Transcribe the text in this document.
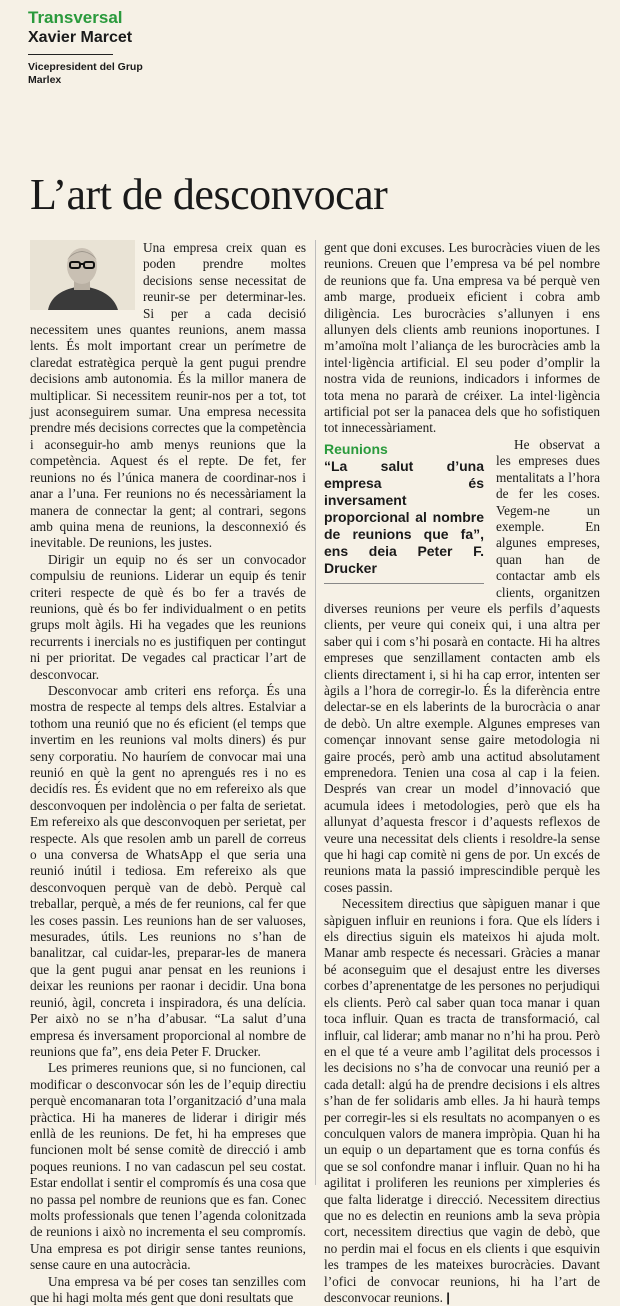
Transversal
Xavier Marcet
Vicepresident del Grup Marlex
L’art de desconvocar

Una empresa creix quan es poden prendre moltes decisions sense necessitat de reunir-se per determinar-les. Si per a cada decisió necessitem unes quantes reunions, anem massa lents. És molt important crear un perímetre de claredat estratègica perquè la gent pugui prendre decisions amb autonomia. És la millor manera de multiplicar. Si necessitem reunir-nos per a tot, tot just aconseguirem sumar. Una empresa necessita prendre més decisions correctes que la competència i aconseguir-ho amb menys reunions que la competència. Aquest és el repte. De fet, fer reunions no és l’única manera de coordinar-nos i anar a l’una. Fer reunions no és necessàriament la manera de connectar la gent; al contrari, segons amb quina mena de reunions, la desconnexió és inevitable. De reunions, les justes.

Dirigir un equip no és ser un convocador compulsiu de reunions. Liderar un equip és tenir criteri respecte de què és bo fer a través de reunions, què és bo fer individualment o en petits grups molt àgils. Hi ha vegades que les reunions recurrents i inercials no es justifiquen per contingut ni per prioritat. De vegades cal practicar l’art de desconvocar.

Desconvocar amb criteri ens reforça. És una mostra de respecte al temps dels altres. Estalviar a tothom una reunió que no és eficient (el temps que invertim en les reunions val molts diners) és pur seny corporatiu. No hauríem de convocar mai una reunió en què la gent no aprengués res i no es decidís res. És evident que no em refereixo als que desconvoquen per indolència o per falta de serietat. Em refereixo als que desconvoquen per serietat, per respecte. Als que resolen amb un parell de correus o una conversa de WhatsApp el que seria una reunió inútil i tediosa. Em refereixo als que desconvoquen perquè van de debò. Perquè cal treballar, perquè, a més de fer reunions, cal fer que les coses passin. Les reunions han de ser valuoses, mesurades, útils. Les reunions no s’han de banalitzar, cal cuidar-les, preparar-les de manera que la gent pugui anar pensat en les reunions i deixar les reunions per raonar i decidir. Una bona reunió, àgil, concreta i inspiradora, és una delícia. Per això no se n’ha d’abusar. “La salut d’una empresa és inversament proporcional al nombre de reunions que fa”, ens deia Peter F. Drucker.

Les primeres reunions que, si no funcionen, cal modificar o desconvocar són les de l’equip directiu perquè encomanaran tota l’organització d’una mala pràctica. Hi ha maneres de liderar i dirigir més enllà de les reunions. De fet, hi ha empreses que funcionen molt bé sense comitè de direcció i amb poques reunions. I no van cadascun pel seu costat. Estar endollat i sentir el compromís és una cosa que no passa pel nombre de reunions que es fan. Conec molts professionals que tenen l’agenda colonitzada de reunions i això no incrementa el seu compromís. Una empresa es pot dirigir sense tantes reunions, sense caure en una autocràcia.

Una empresa va bé per coses tan senzilles com que hi hagi molta més gent que doni resultats que

gent que doni excuses. Les burocràcies viuen de les reunions. Creuen que l’empresa va bé pel nombre de reunions que fa. Una empresa va bé perquè ven amb marge, produeix eficient i cobra amb diligència. Les burocràcies s’allunyen i ens allunyen dels clients amb reunions inoportunes. I m’amoïna molt l’aliança de les burocràcies amb la intel·ligència artificial. El seu poder d’omplir la nostra vida de reunions, indicadors i informes de tota mena no pararà de créixer. La intel·ligència artificial pot ser la panacea dels que ho sofistiquen tot innecessàriament.

Reunions
“La salut d’una empresa és inversament proporcional al nombre de reunions que fa”, ens deia Peter F. Drucker
He observat a les empreses dues mentalitats a l’hora de fer les coses. Vegem-ne un exemple. En algunes empreses, quan han de contactar amb els clients, organitzen diverses reunions per veure els perfils d’aquests clients, per veure qui coneix qui, i una altra per saber qui i com s’hi posarà en contacte. Hi ha altres empreses que senzillament contacten amb els clients directament i, si hi ha cap error, intenten ser àgils a l’hora de corregir-lo. És la diferència entre delectar-se en els laberints de la burocràcia o anar de debò. Un altre exemple. Algunes empreses van començar innovant sense gaire metodologia ni gaire procés, però amb una actitud absolutament emprenedora. Tenien una cosa al cap i la feien. Després van crear un model d’innovació que acumula idees i metodologies, però que els ha allunyat d’aquesta frescor i d’aquests reflexos de veure una necessitat dels clients i resoldre-la sense que hi hagi cap comitè ni gens de por. Un excés de reunions mata la passió imprescindible perquè les coses passin.

Necessitem directius que sàpiguen manar i que sàpiguen influir en reunions i fora. Que els líders i els directius siguin els mateixos hi ajuda molt. Manar amb respecte és necessari. Gràcies a manar bé aconseguim que el desajust entre les diverses corbes d’aprenentatge de les persones no perjudiqui els clients. Però cal saber quan toca manar i quan toca influir. Quan es tracta de transformació, cal influir, cal liderar; amb manar no n’hi ha prou. Però en el que té a veure amb l’agilitat dels processos i les decisions no s’ha de convocar una reunió per a cada detall: algú ha de prendre decisions i els altres s’han de fer solidaris amb elles. Ja hi haurà temps per corregir-les si els resultats no acompanyen o es conculquen valors de manera impròpia. Quan hi ha un equip o un departament que es torna confús és que se sol confondre manar i influir. Quan no hi ha agilitat i proliferen les reunions per ximpleries és que falta lideratge i direcció. Necessitem directius que no es delectin en reunions amb la seva pròpia cort, necessitem directius que vagin de debò, que no perdin mai el focus en els clients i que esquivin les trampes de les mateixes burocràcies. Davant l’ofici de convocar reunions, hi ha l’art de desconvocar reunions. |
